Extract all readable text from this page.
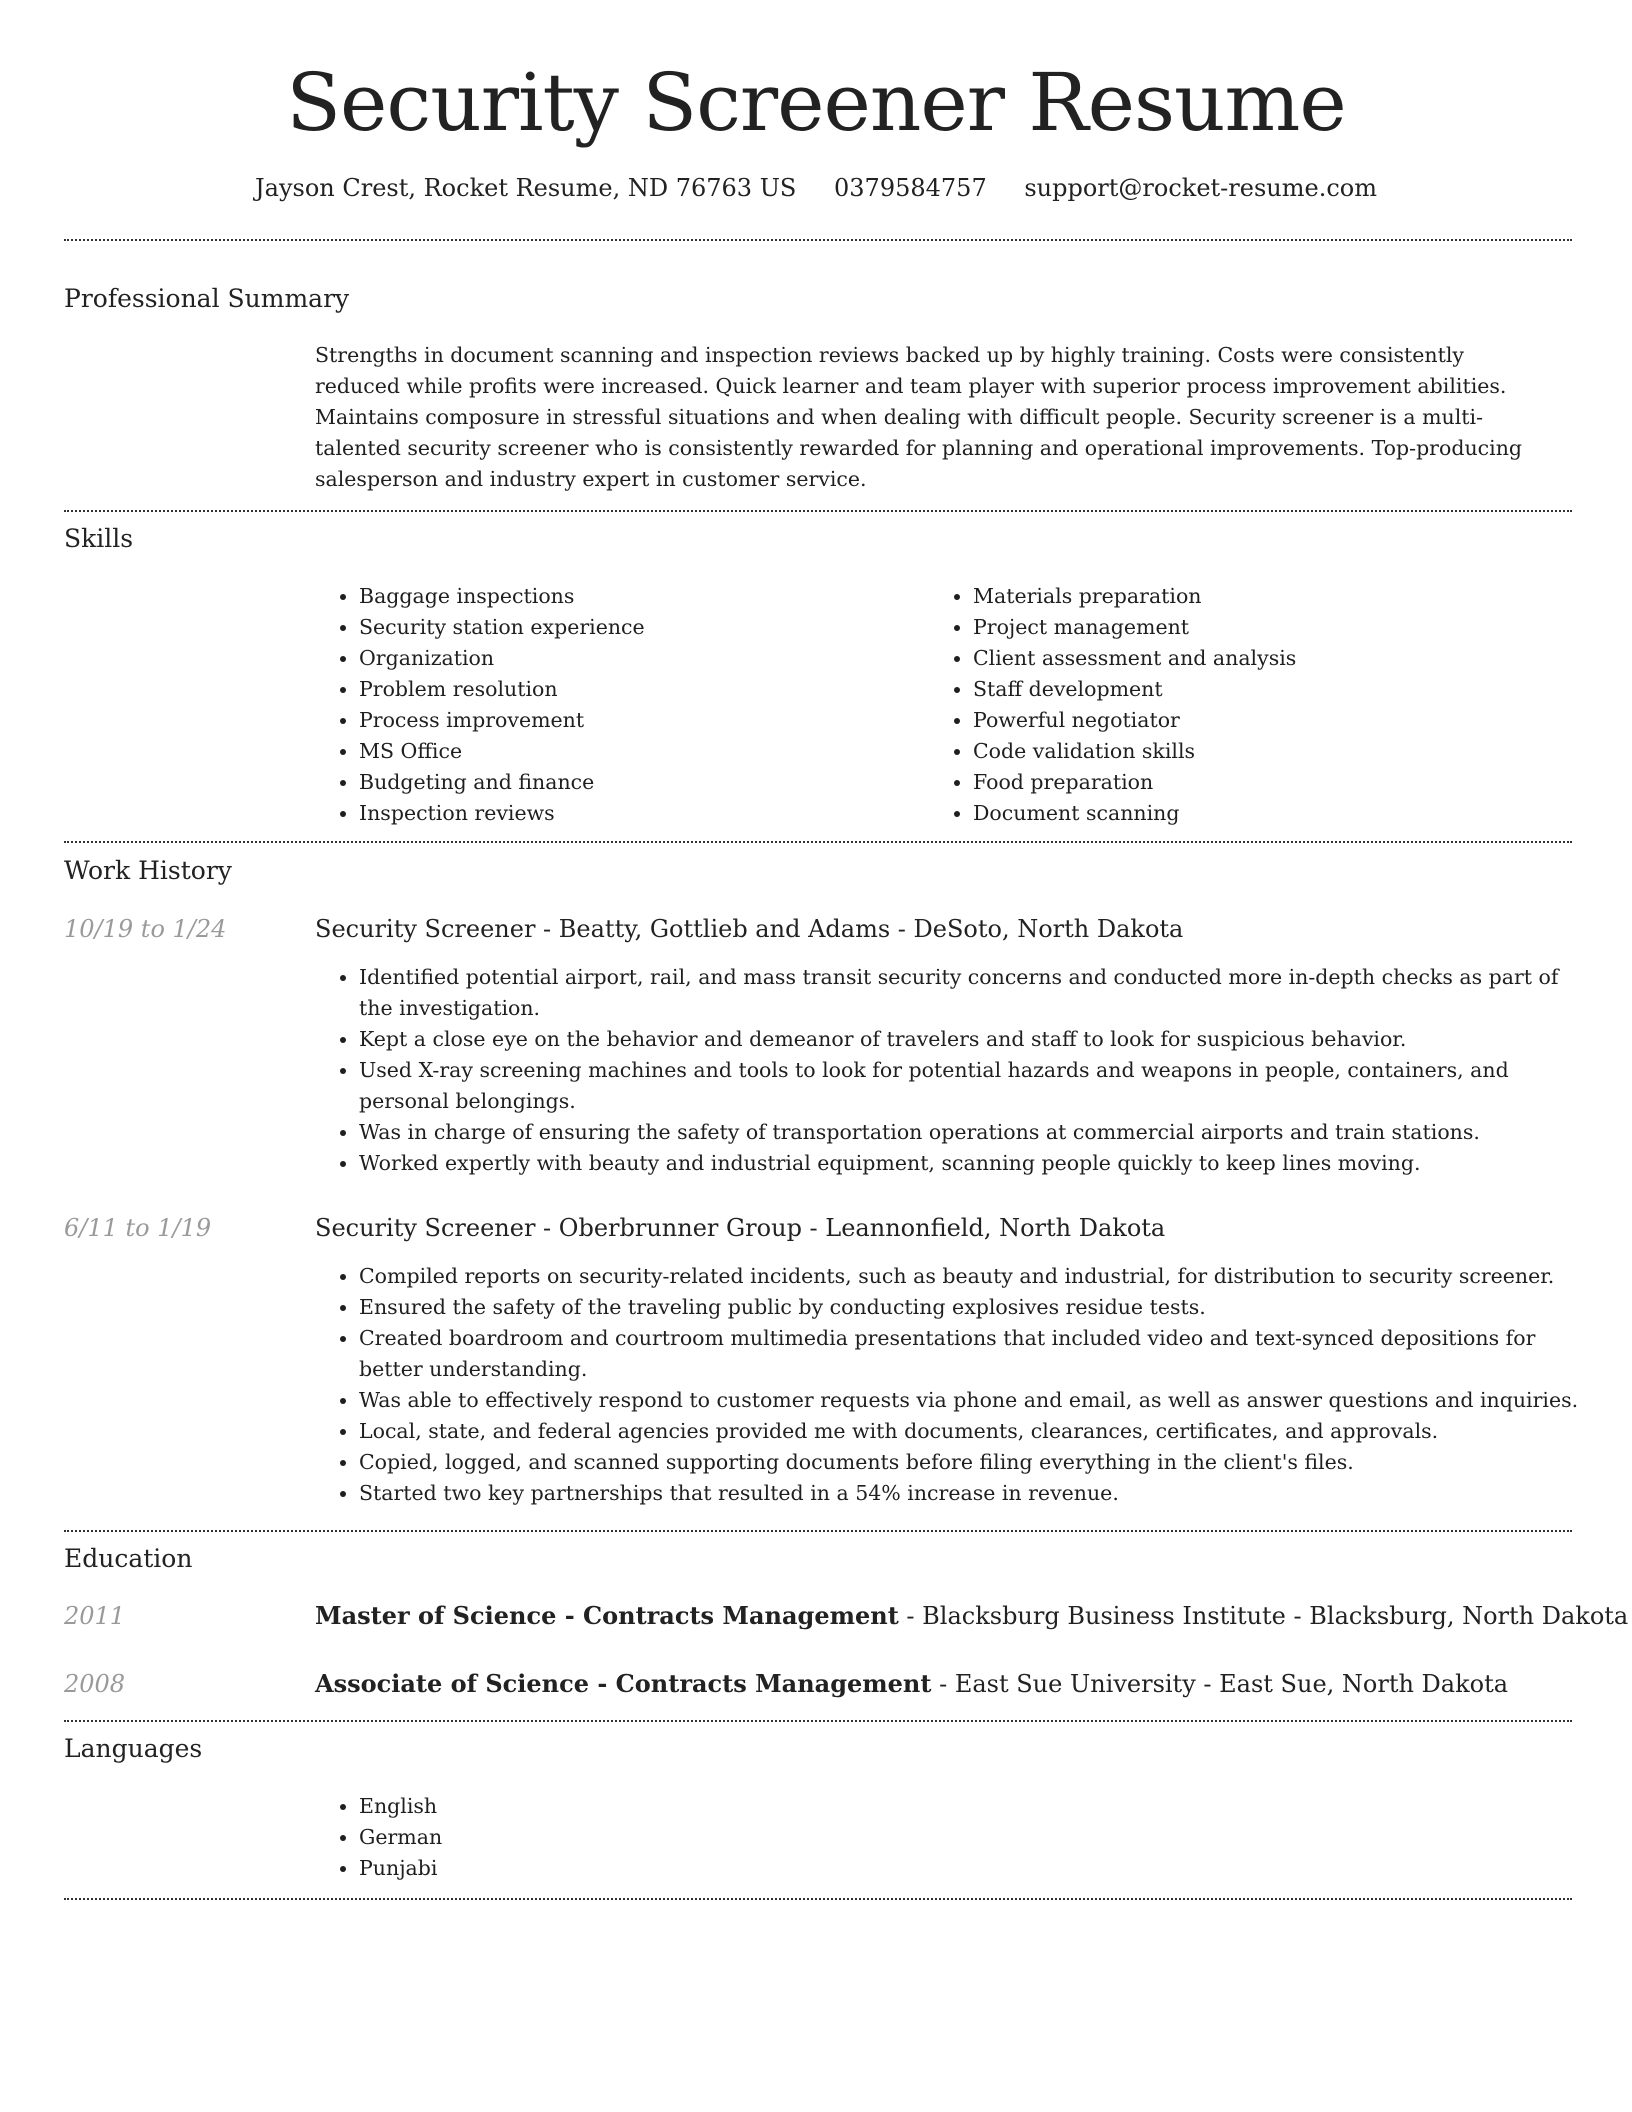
Security Screener Resume
Jayson Crest, Rocket Resume, ND 76763 US 0379584757 support@rocket-resume.com
Professional Summary
Strengths in document scanning and inspection reviews backed up by highly training. Costs were consistently reduced while profits were increased. Quick learner and team player with superior process improvement abilities. Maintains composure in stressful situations and when dealing with difficult people. Security screener is a multi-talented security screener who is consistently rewarded for planning and operational improvements. Top-producing salesperson and industry expert in customer service.
Skills
• Baggage inspections
• Security station experience
• Organization
• Problem resolution
• Process improvement
• MS Office
• Budgeting and finance
• Inspection reviews
• Materials preparation
• Project management
• Client assessment and analysis
• Staff development
• Powerful negotiator
• Code validation skills
• Food preparation
• Document scanning
Work History
10/19 to 1/24	Security Screener - Beatty, Gottlieb and Adams - DeSoto, North Dakota
• Identified potential airport, rail, and mass transit security concerns and conducted more in-depth checks as part of the investigation.
• Kept a close eye on the behavior and demeanor of travelers and staff to look for suspicious behavior.
• Used X-ray screening machines and tools to look for potential hazards and weapons in people, containers, and personal belongings.
• Was in charge of ensuring the safety of transportation operations at commercial airports and train stations.
• Worked expertly with beauty and industrial equipment, scanning people quickly to keep lines moving.
6/11 to 1/19	Security Screener - Oberbrunner Group - Leannonfield, North Dakota
• Compiled reports on security-related incidents, such as beauty and industrial, for distribution to security screener.
• Ensured the safety of the traveling public by conducting explosives residue tests.
• Created boardroom and courtroom multimedia presentations that included video and text-synced depositions for better understanding.
• Was able to effectively respond to customer requests via phone and email, as well as answer questions and inquiries.
• Local, state, and federal agencies provided me with documents, clearances, certificates, and approvals.
• Copied, logged, and scanned supporting documents before filing everything in the client's files.
• Started two key partnerships that resulted in a 54% increase in revenue.
Education
2011	Master of Science - Contracts Management - Blacksburg Business Institute - Blacksburg, North Dakota
2008	Associate of Science - Contracts Management - East Sue University - East Sue, North Dakota
Languages
• English
• German
• Punjabi
